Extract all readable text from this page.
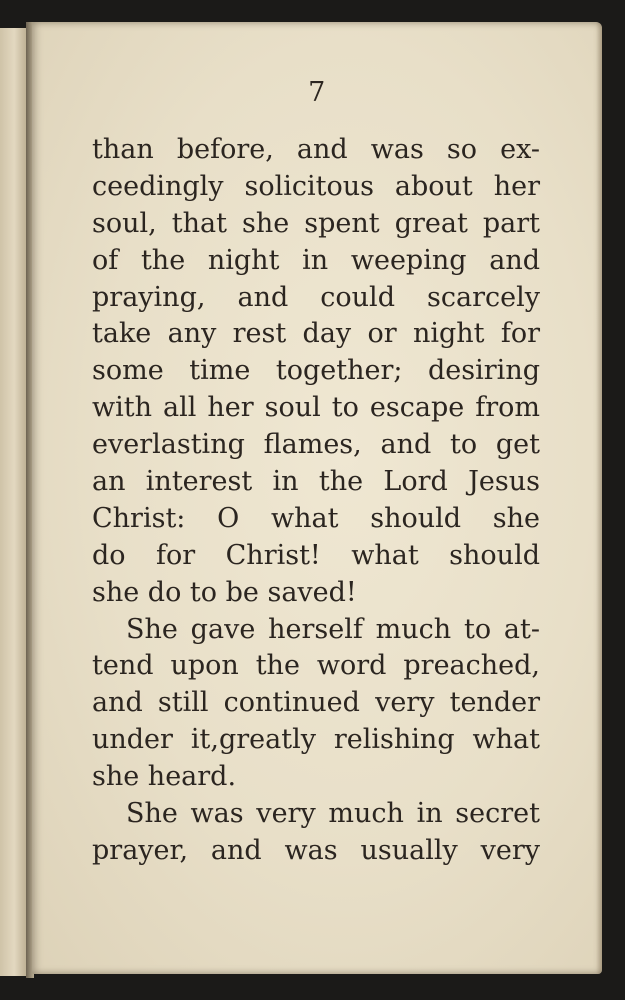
7
than before, and was so ex-
ceedingly solicitous about her
soul, that she spent great part
of the night in weeping and
praying, and could scarcely
take any rest day or night for
some time together; desiring
with all her soul to escape from
everlasting flames, and to get
an interest in the Lord Jesus
Christ: O what should she
do for Christ! what should
she do to be saved!
She gave herself much to at-
tend upon the word preached,
and still continued very tender
under it,greatly relishing what
she heard.
She was very much in secret
prayer, and was usually very
